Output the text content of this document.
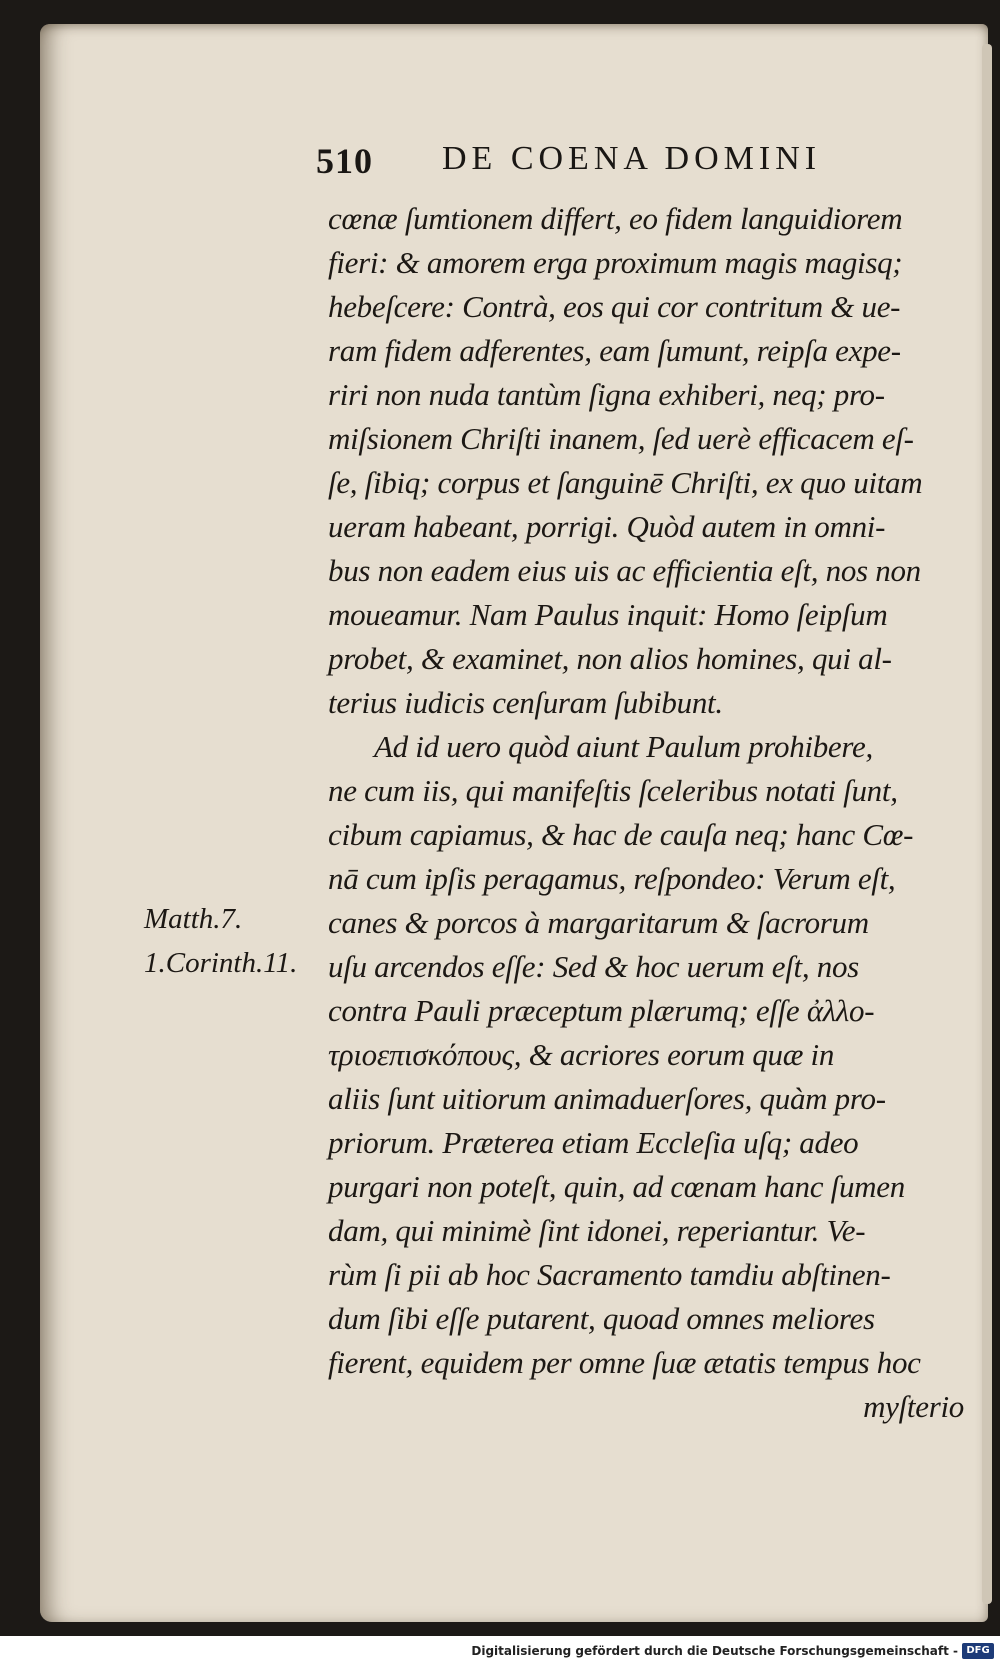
510 DE COENA DOMINI
cœnæ ſumtionem differt, eo fidem languidiorem
fieri: & amorem erga proximum magis magisq;
hebeſcere: Contrà, eos qui cor contritum & ue-
ram fidem adferentes, eam ſumunt, reipſa expe-
riri non nuda tantùm ſigna exhiberi, neq; pro-
miſsionem Chriſti inanem, ſed uerè efficacem eſ-
ſe, ſibiq; corpus et ſanguinē Chriſti, ex quo uitam
ueram habeant, porrigi. Quòd autem in omni-
bus non eadem eius uis ac efficientia eſt, nos non
moueamur. Nam Paulus inquit: Homo ſeipſum
probet, & examinet, non alios homines, qui al-
terius iudicis cenſuram ſubibunt.
Ad id uero quòd aiunt Paulum prohibere,
ne cum iis, qui manifeſtis ſceleribus notati ſunt,
cibum capiamus, & hac de cauſa neq; hanc Cœ-
nā cum ipſis peragamus, reſpondeo: Verum eſt,
canes & porcos à margaritarum & ſacrorum
uſu arcendos eſſe: Sed & hoc uerum eſt, nos
contra Pauli præceptum plærumq; eſſe ἀλλο-
τριοεπισκόπους, & acriores eorum quæ in
aliis ſunt uitiorum animaduerſores, quàm pro-
priorum. Præterea etiam Eccleſia uſq; adeo
purgari non poteſt, quin, ad cœnam hanc ſumen
dam, qui minimè ſint idonei, reperiantur. Ve-
rùm ſi pii ab hoc Sacramento tamdiu abſtinen-
dum ſibi eſſe putarent, quoad omnes meliores
fierent, equidem per omne ſuæ ætatis tempus hoc
myſterio
Matth.7.
1.Corinth.11.
Digitalisierung gefördert durch die Deutsche Forschungsgemeinschaft - DFG
